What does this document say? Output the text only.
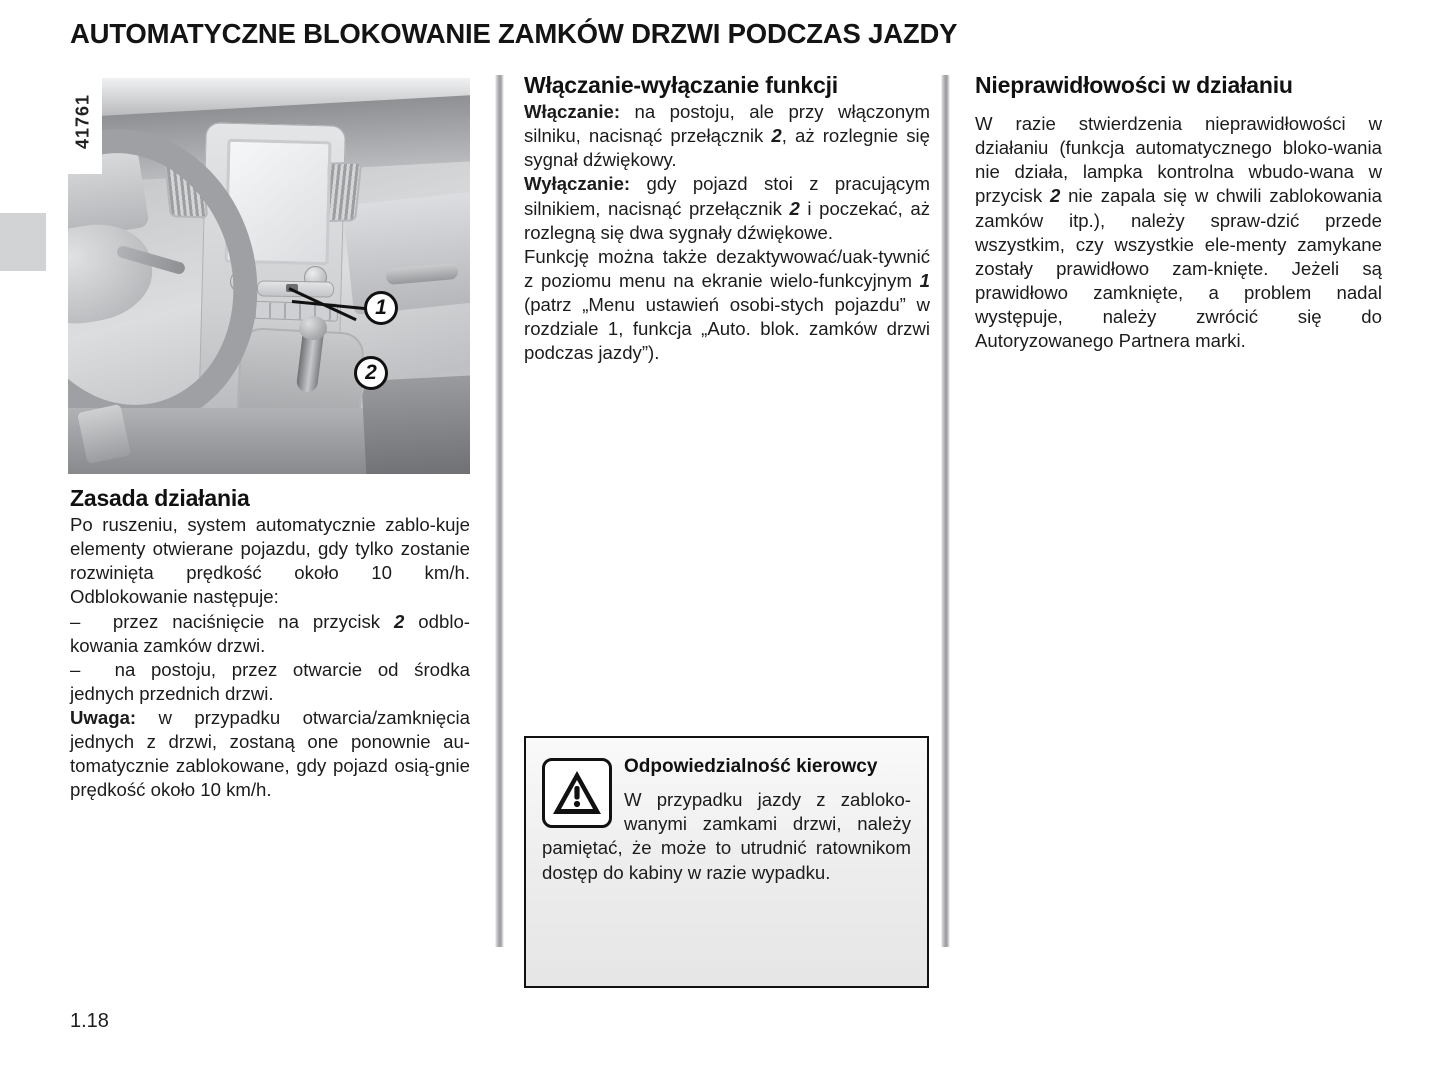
AUTOMATYCZNE BLOKOWANIE ZAMKÓW DRZWI PODCZAS JAZDY
1
2
41761
Zasada działania

Po ruszeniu, system automatycznie zablo-kuje elementy otwierane pojazdu, gdy tylko zostanie rozwinięta prędkość około 10 km/h. Odblokowanie następuje:

–  przez naciśnięcie na przycisk 2 odblo-kowania zamków drzwi.

–  na postoju, przez otwarcie od środka jednych przednich drzwi.

Uwaga: w przypadku otwarcia/zamknięcia jednych z drzwi, zostaną one ponownie au-tomatycznie zablokowane, gdy pojazd osią-gnie prędkość około 10 km/h.

Włączanie-wyłączanie funkcji

Włączanie: na postoju, ale przy włączonym silniku, nacisnąć przełącznik 2, aż rozlegnie się sygnał dźwiękowy.

Wyłączanie: gdy pojazd stoi z pracującym silnikiem, nacisnąć przełącznik 2 i poczekać, aż rozlegną się dwa sygnały dźwiękowe.

Funkcję można także dezaktywować/uak-tywnić z poziomu menu na ekranie wielo-funkcyjnym 1 (patrz „Menu ustawień osobi-stych pojazdu” w rozdziale 1, funkcja „Auto. blok. zamków drzwi podczas jazdy”).

Nieprawidłowości w działaniu

W razie stwierdzenia nieprawidłowości w działaniu (funkcja automatycznego bloko-wania nie działa, lampka kontrolna wbudo-wana w przycisk 2 nie zapala się w chwili zablokowania zamków itp.), należy spraw-dzić przede wszystkim, czy wszystkie ele-menty zamykane zostały prawidłowo zam-knięte. Jeżeli są prawidłowo zamknięte, a problem nadal występuje, należy zwrócić się do Autoryzowanego Partnera marki.

Odpowiedzialność kierowcy

W przypadku jazdy z zabloko-wanymi zamkami drzwi, należy pamiętać, że może to utrudnić ratownikom dostęp do kabiny w razie wypadku.

1.18
